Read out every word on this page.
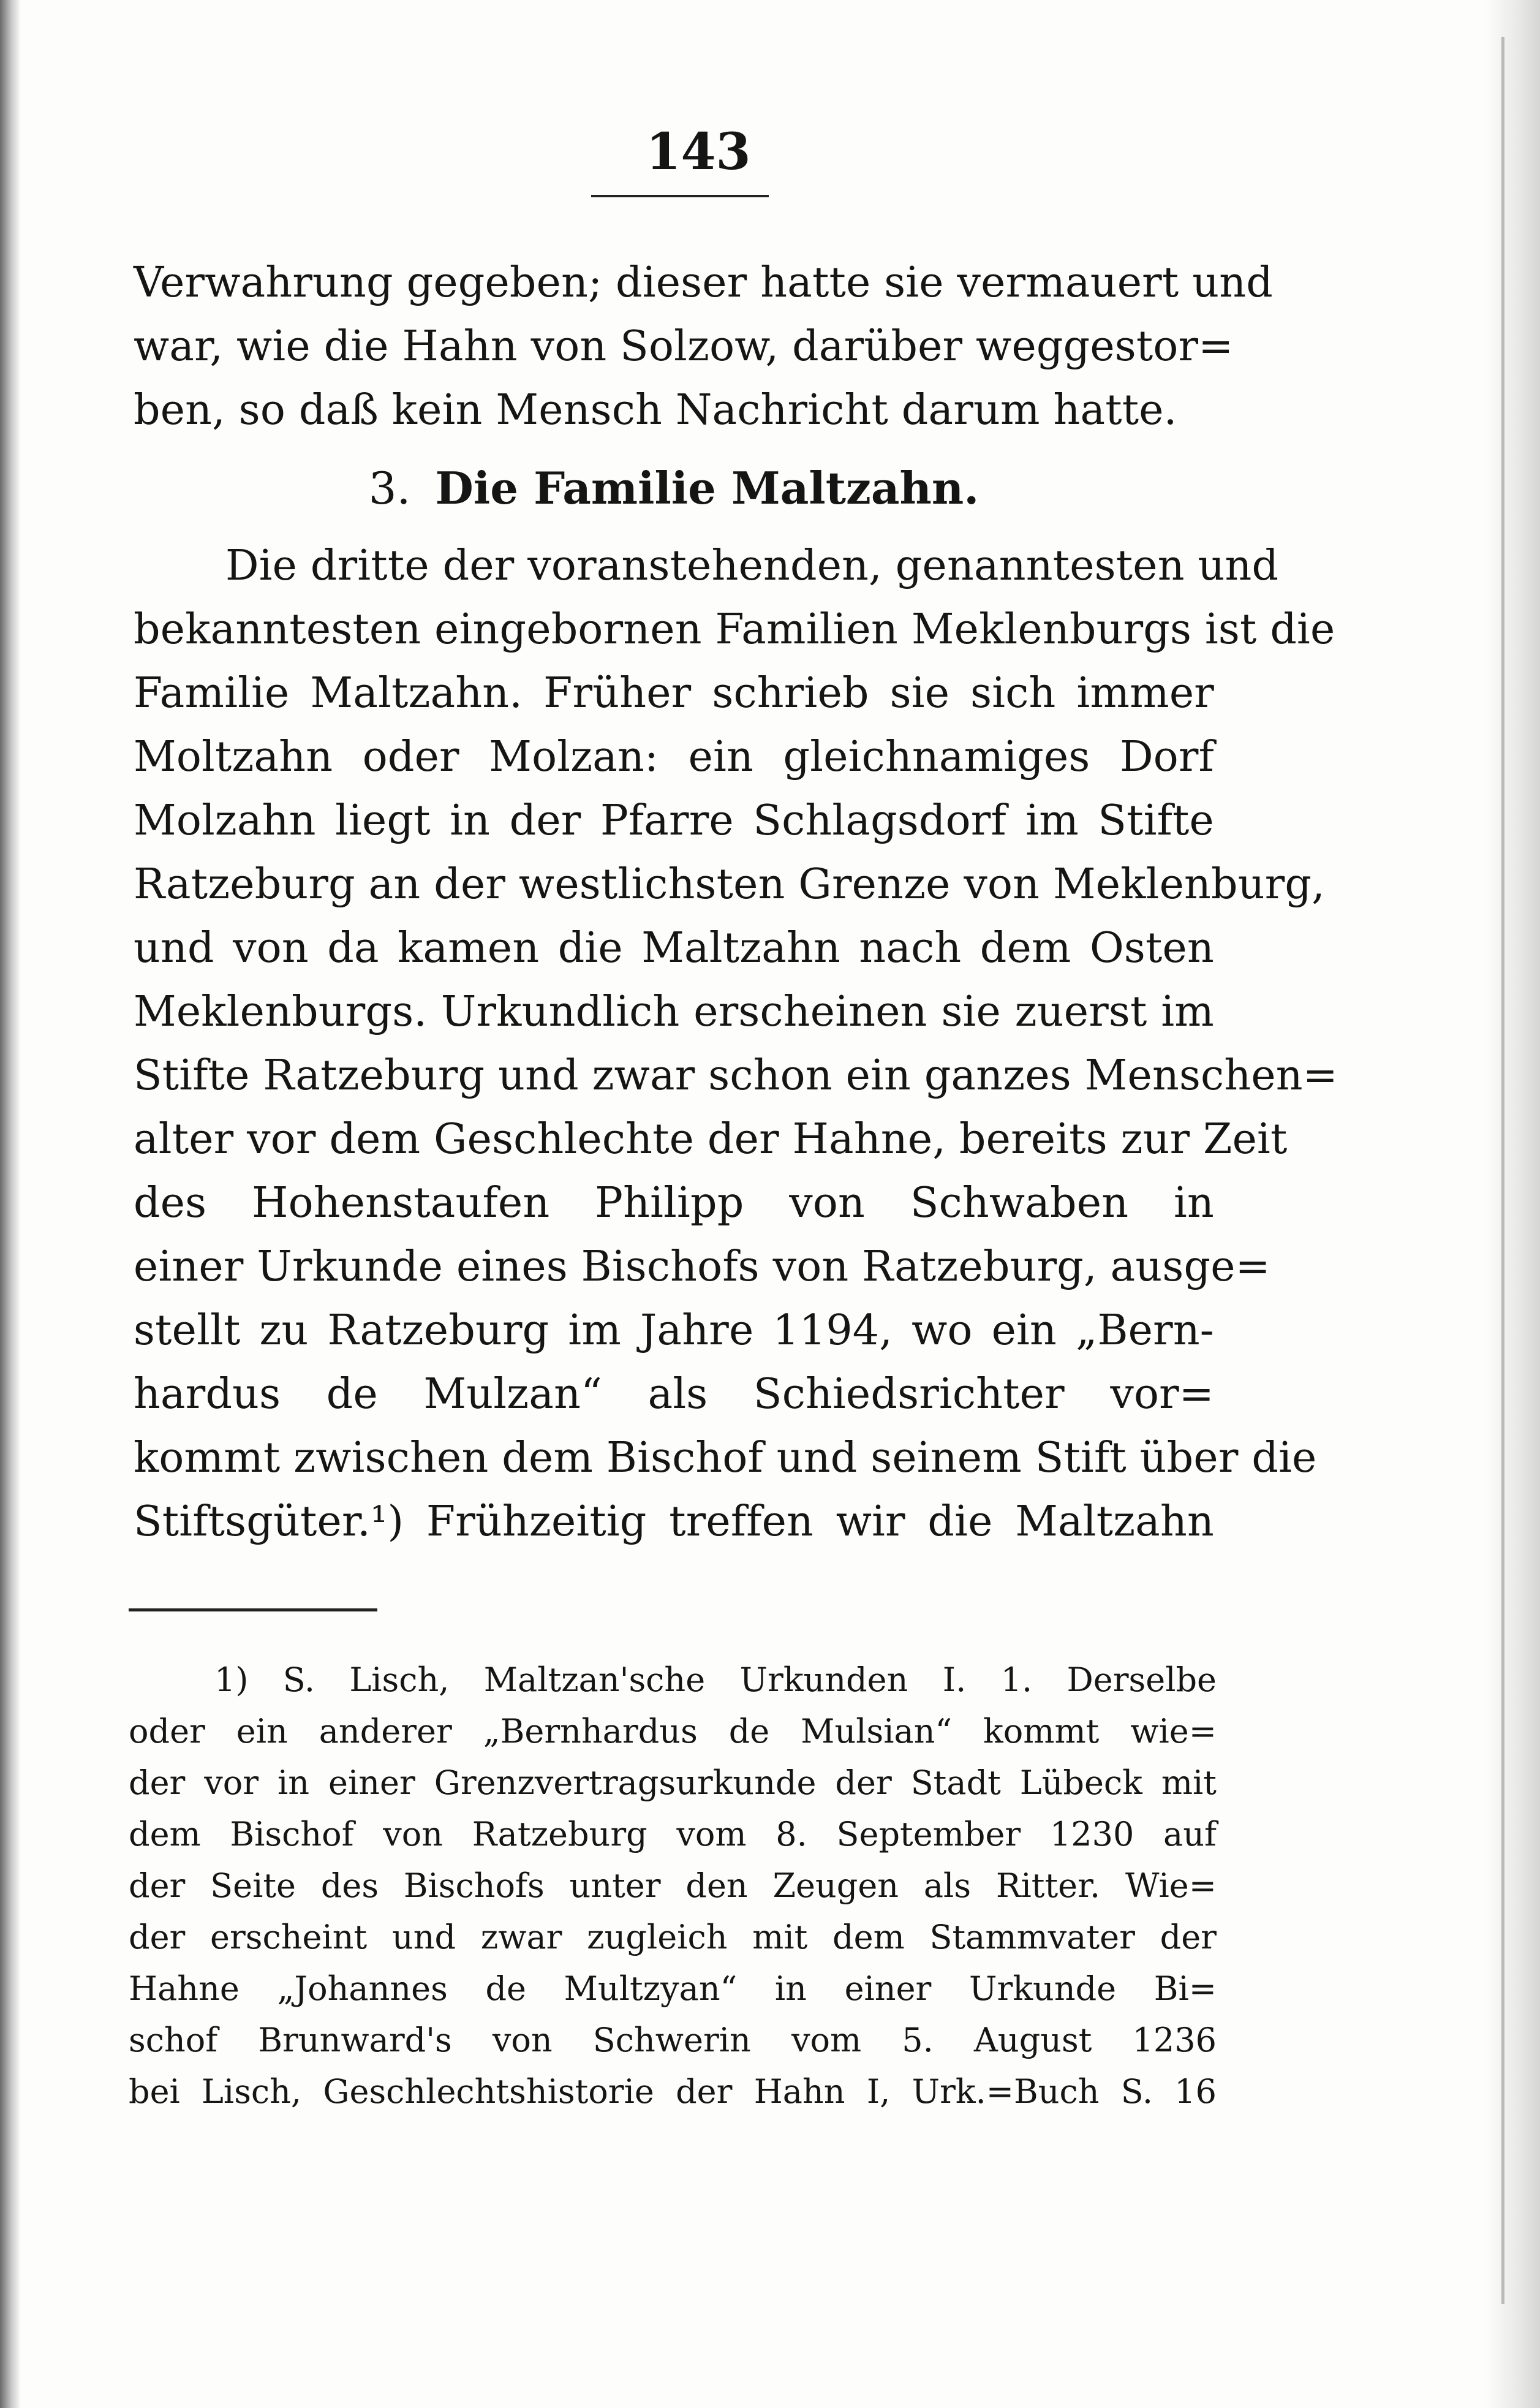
143
Verwahrung gegeben; dieser hatte sie vermauert und
war, wie die Hahn von Solzow, darüber weggestor=
ben, so daß kein Mensch Nachricht darum hatte.
3. Die Familie Maltzahn.
Die dritte der voranstehenden, genanntesten und
bekanntesten eingebornen Familien Meklenburgs ist die
Familie Maltzahn. Früher schrieb sie sich immer
Moltzahn oder Molzan: ein gleichnamiges Dorf
Molzahn liegt in der Pfarre Schlagsdorf im Stifte
Ratzeburg an der westlichsten Grenze von Meklenburg,
und von da kamen die Maltzahn nach dem Osten
Meklenburgs. Urkundlich erscheinen sie zuerst im
Stifte Ratzeburg und zwar schon ein ganzes Menschen=
alter vor dem Geschlechte der Hahne, bereits zur Zeit
des Hohenstaufen Philipp von Schwaben in
einer Urkunde eines Bischofs von Ratzeburg, ausge=
stellt zu Ratzeburg im Jahre 1194, wo ein „Bern-
hardus de Mulzan“ als Schiedsrichter vor=
kommt zwischen dem Bischof und seinem Stift über die
Stiftsgüter.¹) Frühzeitig treffen wir die Maltzahn
1) S. Lisch, Maltzan'sche Urkunden I. 1. Derselbe
oder ein anderer „Bernhardus de Mulsian“ kommt wie=
der vor in einer Grenzvertragsurkunde der Stadt Lübeck mit
dem Bischof von Ratzeburg vom 8. September 1230 auf
der Seite des Bischofs unter den Zeugen als Ritter. Wie=
der erscheint und zwar zugleich mit dem Stammvater der
Hahne „Johannes de Multzyan“ in einer Urkunde Bi=
schof Brunward's von Schwerin vom 5. August 1236
bei Lisch, Geschlechtshistorie der Hahn I, Urk.=Buch S. 16
